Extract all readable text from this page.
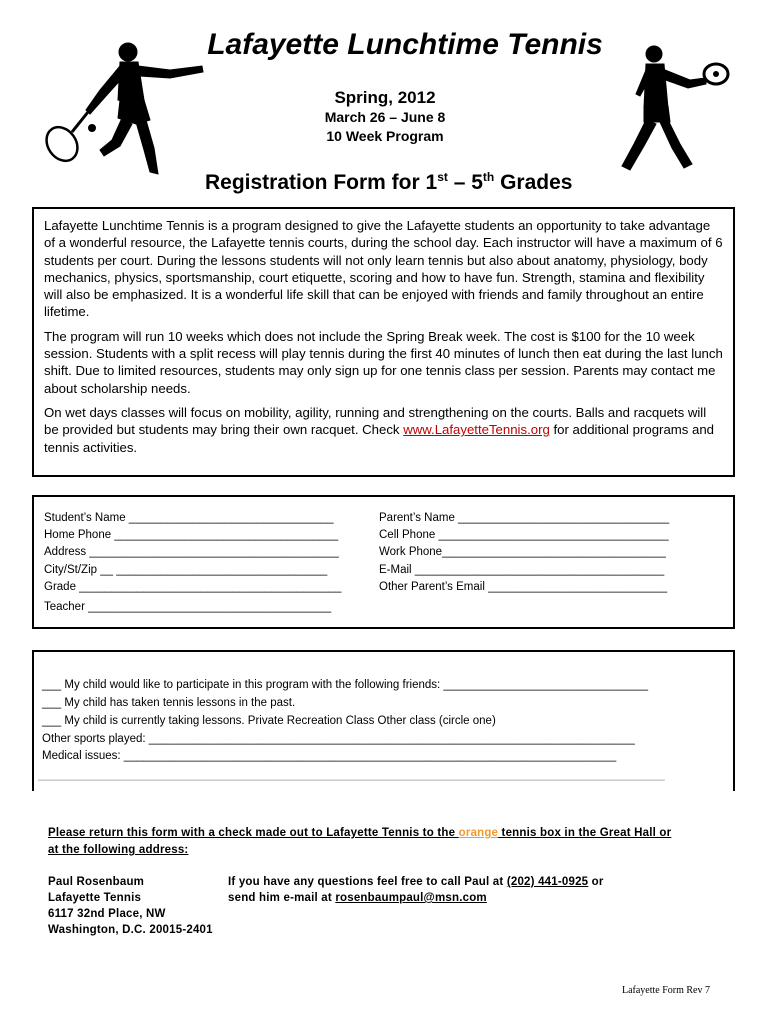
Lafayette Lunchtime Tennis
Spring, 2012
March 26 – June 8
10 Week Program
Registration Form for 1st – 5th Grades

Lafayette Lunchtime Tennis is a program designed to give the Lafayette students an opportunity to take advantage of a wonderful resource, the Lafayette tennis courts, during the school day. Each instructor will have a maximum of 6 students per court. During the lessons students will not only learn tennis but also about anatomy, physiology, body mechanics, physics, sportsmanship, court etiquette, scoring and how to have fun. Strength, stamina and flexibility will also be emphasized. It is a wonderful life skill that can be enjoyed with friends and family throughout an entire lifetime.

The program will run 10 weeks which does not include the Spring Break week. The cost is $100 for the 10 week session. Students with a split recess will play tennis during the first 40 minutes of lunch then eat during the last lunch shift. Due to limited resources, students may only sign up for one tennis class per session. Parents may contact me about scholarship needs.

On wet days classes will focus on mobility, agility, running and strengthening on the courts. Balls and racquets will be provided but students may bring their own racquet. Check www.LafayetteTennis.org for additional programs and tennis activities.

Student’s Name ________________________________
Home Phone ___________________________________
Address _______________________________________
City/St/Zip __ _________________________________
Grade _________________________________________
Teacher ______________________________________
Parent’s Name _________________________________
Cell Phone ____________________________________
Work Phone___________________________________
E-Mail _______________________________________
Other Parent’s Email ____________________________
___ My child would like to participate in this program with the following friends: ________________________________
___ My child has taken tennis lessons in the past.
___ My child is currently taking lessons. Private Recreation Class Other class (circle one)
Other sports played: ____________________________________________________________________________
Medical issues: _____________________________________________________________________________
__________________________________________________________________________________________________
Please return this form with a check made out to Lafayette Tennis to the orange tennis box in the Great Hall or
at the following address:
Paul Rosenbaum
Lafayette Tennis
6117 32nd Place, NW
Washington, D.C. 20015-2401
If you have any questions feel free to call Paul at (202) 441-0925 or
send him e-mail at rosenbaumpaul@msn.com
Lafayette Form Rev 7
